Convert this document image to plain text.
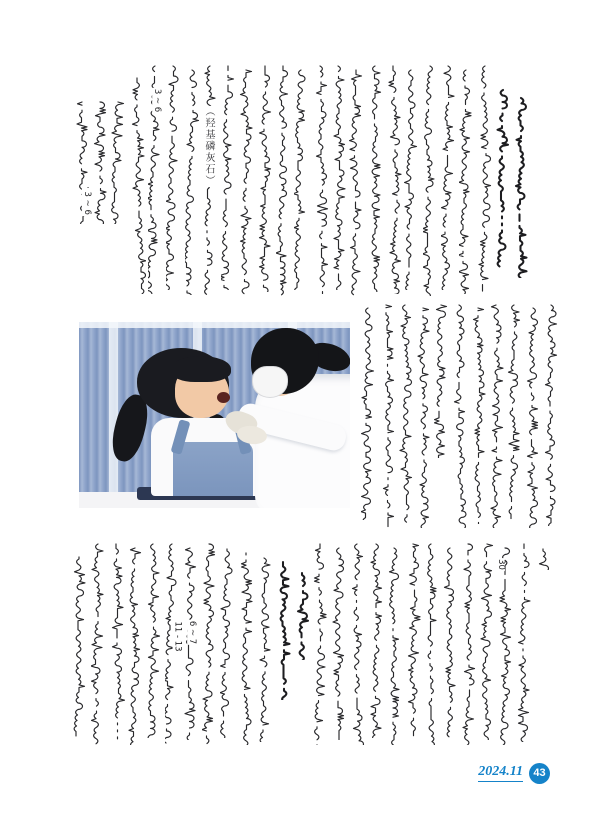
· 3 ~ 6
3 ~ 6
（羟基磷灰石）
11 - 13 6 ~ 7
30
2024.11 43
